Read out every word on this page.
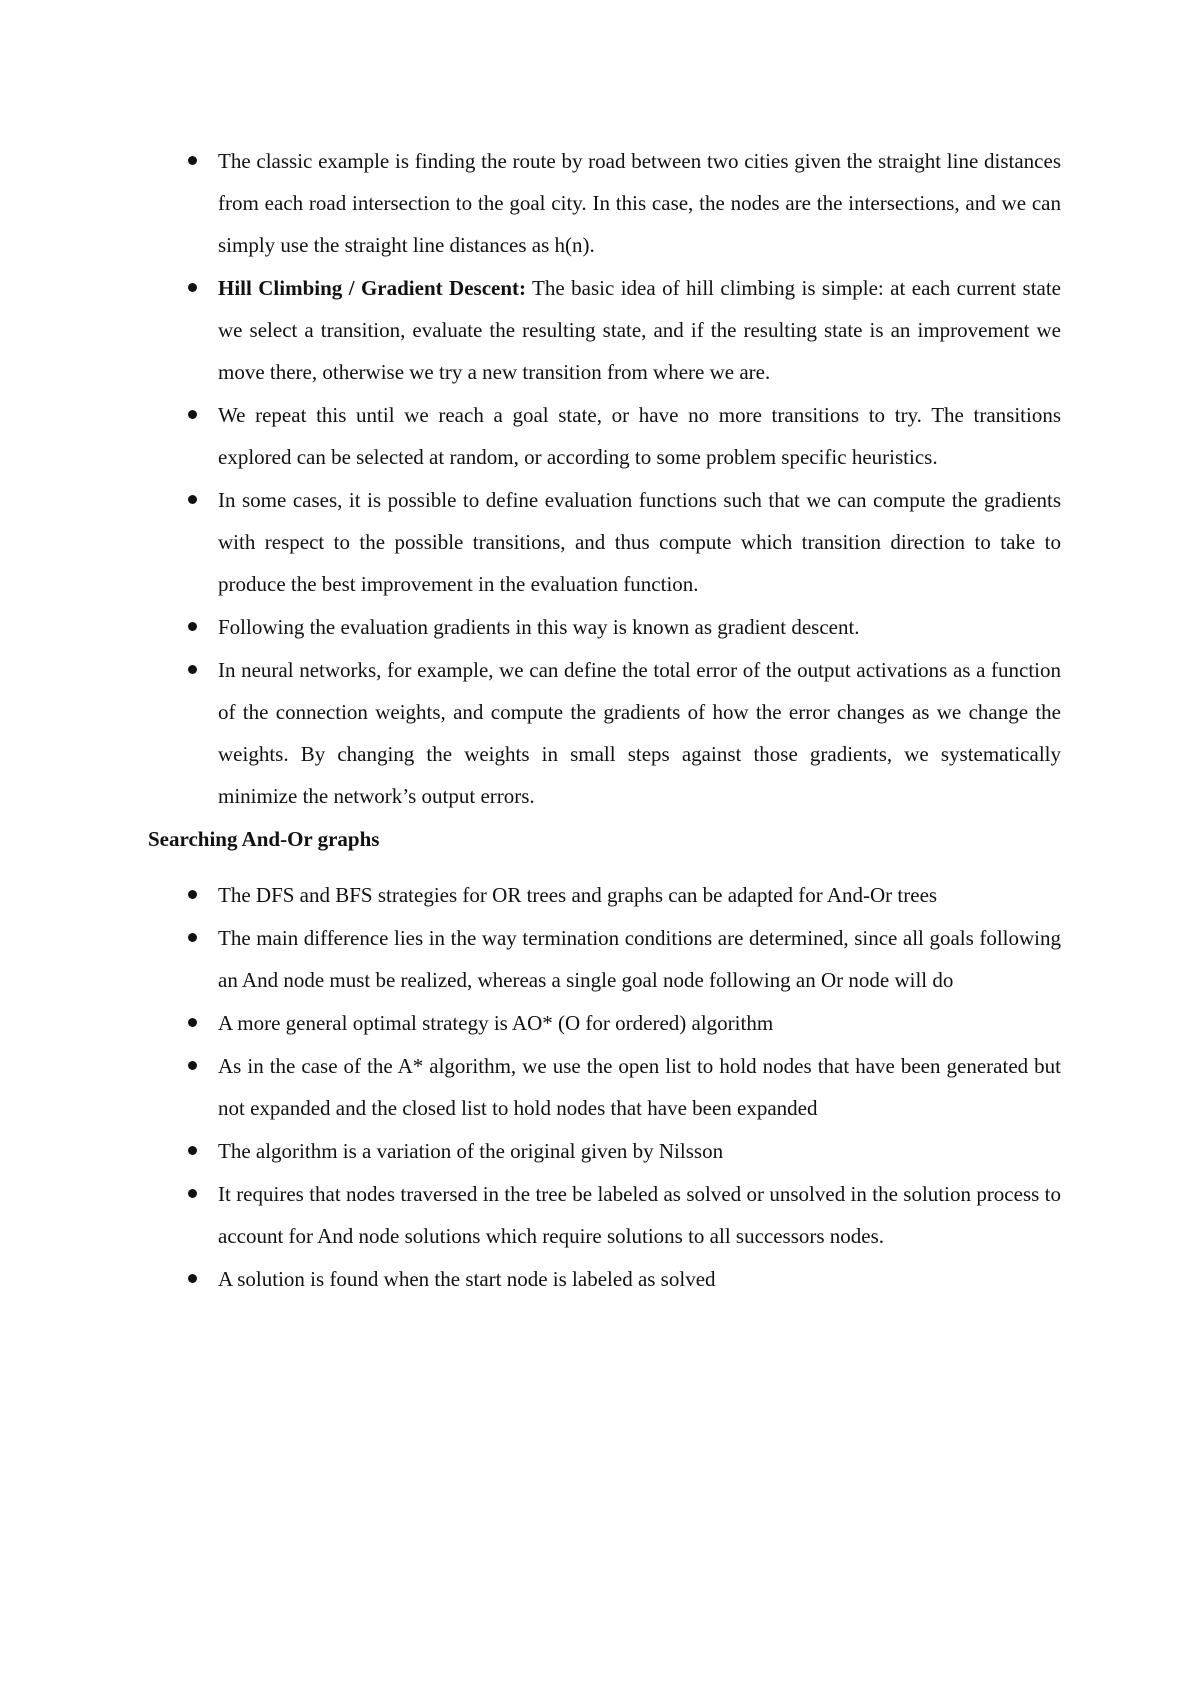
The classic example is finding the route by road between two cities given the straight line distances from each road intersection to the goal city. In this case, the nodes are the intersections, and we can simply use the straight line distances as h(n).
Hill Climbing / Gradient Descent: The basic idea of hill climbing is simple: at each current state we select a transition, evaluate the resulting state, and if the resulting state is an improvement we move there, otherwise we try a new transition from where we are.
We repeat this until we reach a goal state, or have no more transitions to try. The transitions explored can be selected at random, or according to some problem specific heuristics.
In some cases, it is possible to define evaluation functions such that we can compute the gradients with respect to the possible transitions, and thus compute which transition direction to take to produce the best improvement in the evaluation function.
Following the evaluation gradients in this way is known as gradient descent.
In neural networks, for example, we can define the total error of the output activations as a function of the connection weights, and compute the gradients of how the error changes as we change the weights. By changing the weights in small steps against those gradients, we systematically minimize the network’s output errors.
Searching And-Or graphs
The DFS and BFS strategies for OR trees and graphs can be adapted for And-Or trees
The main difference lies in the way termination conditions are determined, since all goals following an And node must be realized, whereas a single goal node following an Or node will do
A more general optimal strategy is AO* (O for ordered) algorithm
As in the case of the A* algorithm, we use the open list to hold nodes that have been generated but not expanded and the closed list to hold nodes that have been expanded
The algorithm is a variation of the original given by Nilsson
It requires that nodes traversed in the tree be labeled as solved or unsolved in the solution process to account for And node solutions which require solutions to all successors nodes.
A solution is found when the start node is labeled as solved
